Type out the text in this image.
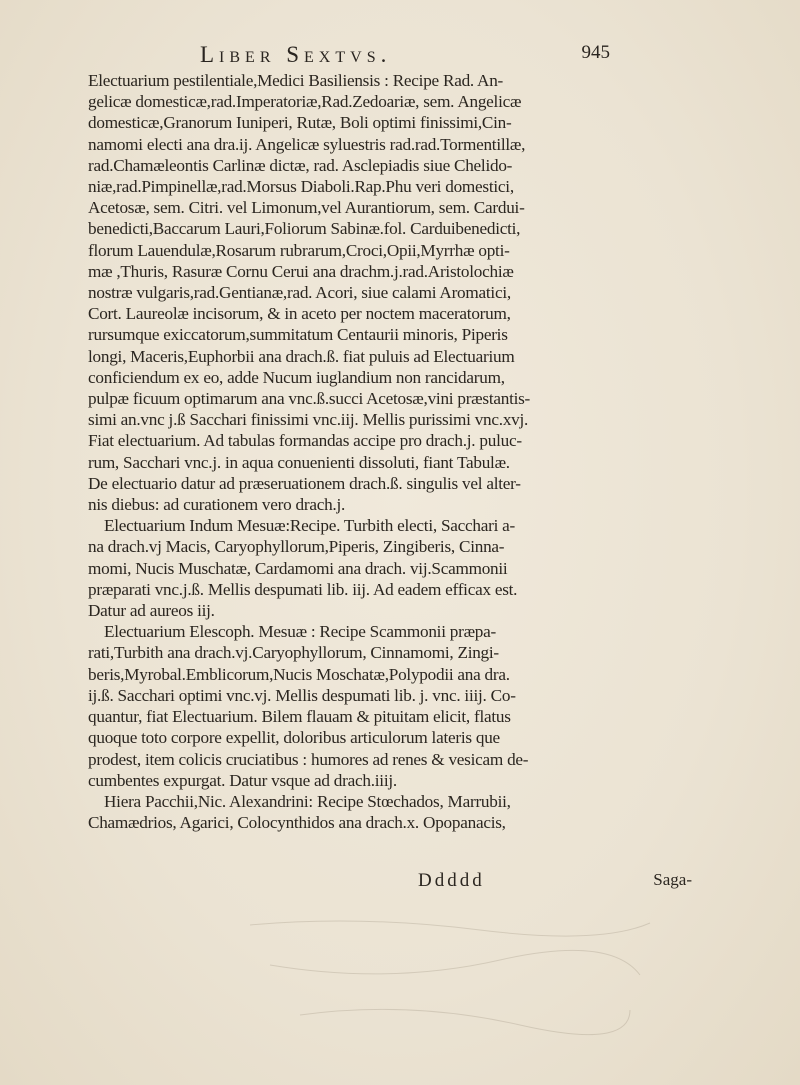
Liber Sextvs.	945
Electuarium pestilentiale,Medici Basiliensis : Recipe Rad. An-
gelicæ domesticæ,rad.Imperatoriæ,Rad.Zedoariæ, sem. Angelicæ
domesticæ,Granorum Iuniperi, Rutæ, Boli optimi finissimi,Cin-
namomi electi ana dra.ij. Angelicæ syluestris rad.rad.Tormentillæ,
rad.Chamæleontis Carlinæ dictæ, rad. Asclepiadis siue Chelido-
niæ,rad.Pimpinellæ,rad.Morsus Diaboli.Rap.Phu veri domestici,
Acetosæ, sem. Citri. vel Limonum,vel Aurantiorum, sem. Cardui-
benedicti,Baccarum Lauri,Foliorum Sabinæ.fol. Carduibenedicti,
florum Lauendulæ,Rosarum rubrarum,Croci,Opii,Myrrhæ opti-
mæ ,Thuris, Rasuræ Cornu Cerui ana drachm.j.rad.Aristolochiæ
nostræ vulgaris,rad.Gentianæ,rad. Acori, siue calami Aromatici,
Cort. Laureolæ incisorum, & in aceto per noctem maceratorum,
rursumque exiccatorum,summitatum Centaurii minoris, Piperis
longi, Maceris,Euphorbii ana drach.ß. fiat puluis ad Electuarium
conficiendum ex eo, adde Nucum iuglandium non rancidarum,
pulpæ ficuum optimarum ana vnc.ß.succi Acetosæ,vini præstantis-
simi an.vnc j.ß Sacchari finissimi vnc.iij. Mellis purissimi vnc.xvj.
Fiat electuarium. Ad tabulas formandas accipe pro drach.j. puluc-
rum, Sacchari vnc.j. in aqua conuenienti dissoluti, fiant Tabulæ.
De electuario datur ad præseruationem drach.ß. singulis vel alter-
nis diebus: ad curationem vero drach.j.
Electuarium Indum Mesuæ:Recipe. Turbith electi, Sacchari a-
na drach.vj Macis, Caryophyllorum,Piperis, Zingiberis, Cinna-
momi, Nucis Muschatæ, Cardamomi ana drach. vij.Scammonii
præparati vnc.j.ß. Mellis despumati lib. iij. Ad eadem efficax est.
Datur ad aureos iij.
Electuarium Elescoph. Mesuæ : Recipe Scammonii præpa-
rati,Turbith ana drach.vj.Caryophyllorum, Cinnamomi, Zingi-
beris,Myrobal.Emblicorum,Nucis Moschatæ,Polypodii ana dra.
ij.ß. Sacchari optimi vnc.vj. Mellis despumati lib. j. vnc. iiij. Co-
quantur, fiat Electuarium. Bilem flauam & pituitam elicit, flatus
quoque toto corpore expellit, doloribus articulorum lateris que
prodest, item colicis cruciatibus : humores ad renes & vesicam de-
cumbentes expurgat. Datur vsque ad drach.iiij.
Hiera Pacchii,Nic. Alexandrini: Recipe Stœchados, Marrubii,
Chamædrios, Agarici, Colocynthidos ana drach.x. Opopanacis,
Ddddd	Saga-
